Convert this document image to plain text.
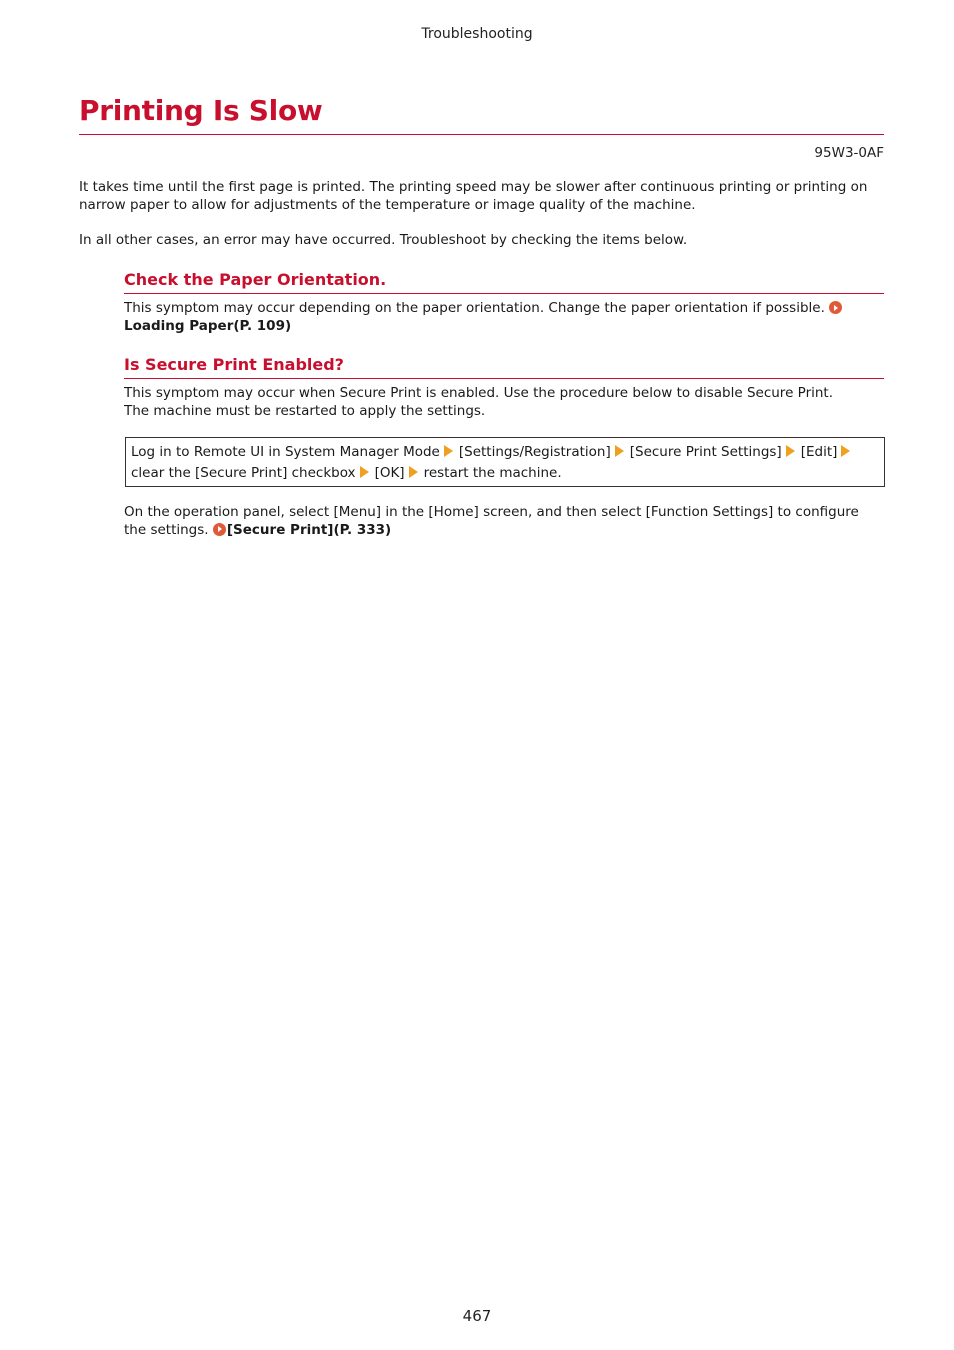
Troubleshooting
Printing Is Slow
95W3-0AF
It takes time until the first page is printed. The printing speed may be slower after continuous printing or printing on narrow paper to allow for adjustments of the temperature or image quality of the machine.
In all other cases, an error may have occurred. Troubleshoot by checking the items below.
Check the Paper Orientation.
This symptom may occur depending on the paper orientation. Change the paper orientation if possible.
Loading Paper(P. 109)
Is Secure Print Enabled?
This symptom may occur when Secure Print is enabled. Use the procedure below to disable Secure Print.
The machine must be restarted to apply the settings.
Log in to Remote UI in System Manager Mode [Settings/Registration] [Secure Print Settings] [Edit]
clear the [Secure Print] checkbox [OK] restart the machine.
On the operation panel, select [Menu] in the [Home] screen, and then select [Function Settings] to configure the settings. [Secure Print](P. 333)
467
